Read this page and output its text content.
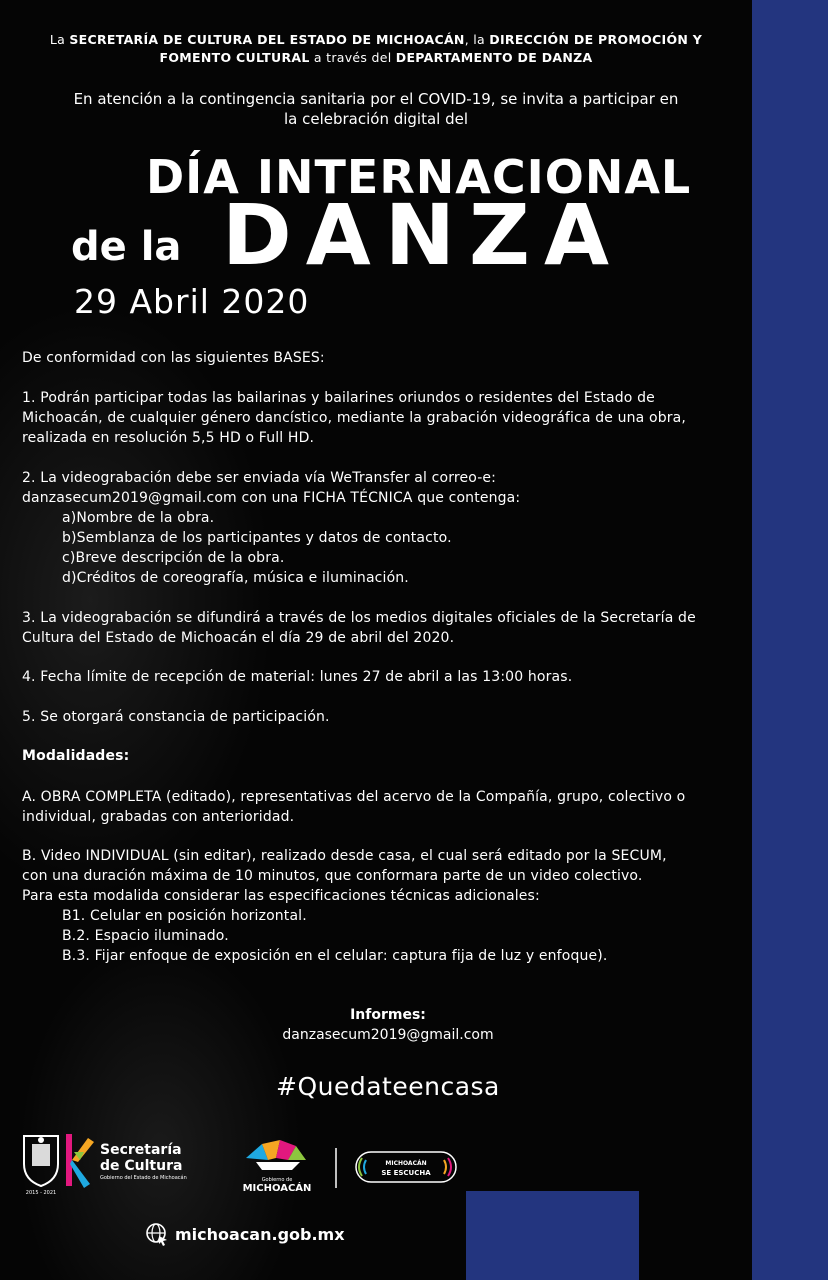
La SECRETARÍA DE CULTURA DEL ESTADO DE MICHOACÁN, la DIRECCIÓN DE PROMOCIÓN Y FOMENTO CULTURAL a través del DEPARTAMENTO DE DANZA
En atención a la contingencia sanitaria por el COVID-19, se invita a participar en
la celebración digital del
DÍA INTERNACIONAL
de la DANZA
29 Abril 2020

De conformidad con las siguientes BASES:

1. Podrán participar todas las bailarinas y bailarines oriundos o residentes del Estado de Michoacán, de cualquier género dancístico, mediante la grabación videográfica de una obra, realizada en resolución 5,5 HD o Full HD.

2. La videograbación debe ser enviada vía WeTransfer al correo-e:

danzasecum2019@gmail.com con una FICHA TÉCNICA que contenga:

a)Nombre de la obra.

b)Semblanza de los participantes y datos de contacto.

c)Breve descripción de la obra.

d)Créditos de coreografía, música e iluminación.

3. La videograbación se difundirá a través de los medios digitales oficiales de la Secretaría de Cultura del Estado de Michoacán el día 29 de abril del 2020.

4. Fecha límite de recepción de material: lunes 27 de abril a las 13:00 horas.

5. Se otorgará constancia de participación.

Modalidades:

A. OBRA COMPLETA (editado), representativas del acervo de la Compañía, grupo, colectivo o individual, grabadas con anterioridad.

B. Video INDIVIDUAL (sin editar), realizado desde casa, el cual será editado por la SECUM,

con una duración máxima de 10 minutos, que conformara parte de un video colectivo.

Para esta modalida considerar las especificaciones técnicas adicionales:

B1. Celular en posición horizontal.

B.2. Espacio iluminado.

B.3. Fijar enfoque de exposición en el celular: captura fija de luz y enfoque).

Informes:
danzasecum2019@gmail.com
#Quedateencasa
2015 - 2021
Secretaría
de Cultura
Gobierno del Estado de Michoacán	Gobierno de
MICHOACÁN
MICHOACÁN
SE ESCUCHA
michoacan.gob.mx
